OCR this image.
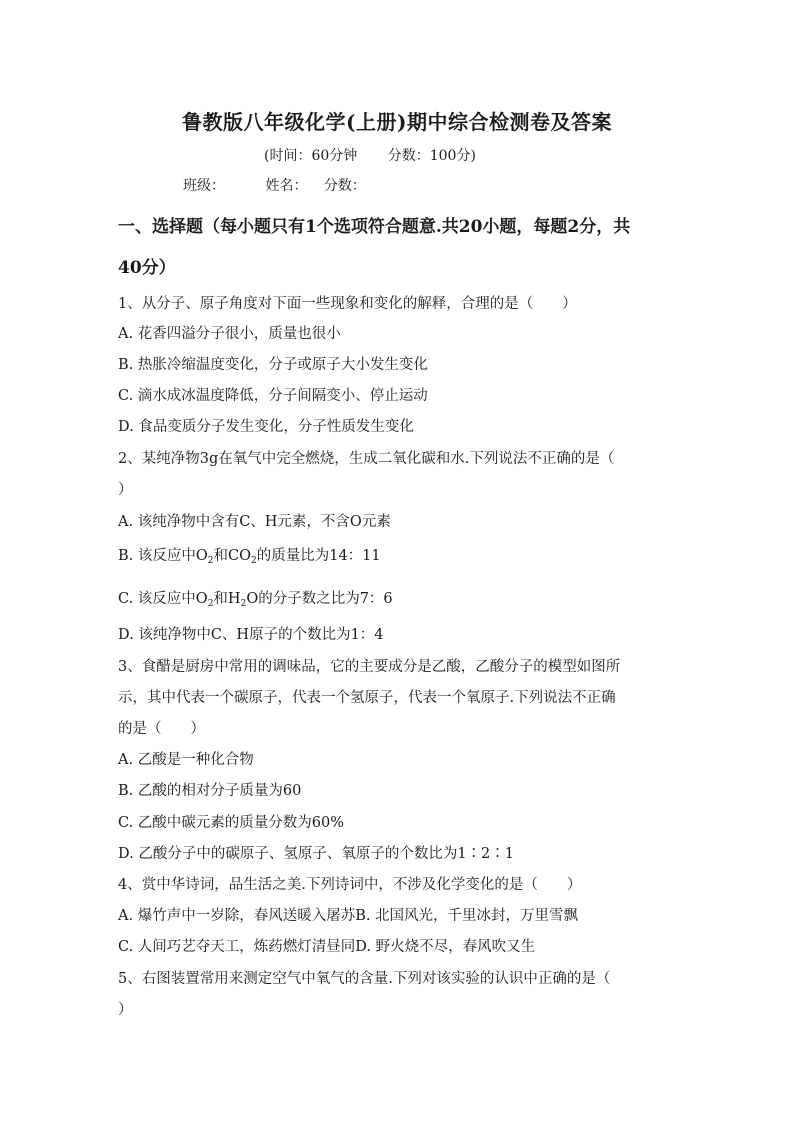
鲁教版八年级化学(上册)期中综合检测卷及答案
(时间：60分钟 分数：100分)
班级：	姓名： 分数：
一、选择题（每小题只有1个选项符合题意.共20小题，每题2分，共
40分）
1、从分子、原子角度对下面一些现象和变化的解释，合理的是（　　）
A. 花香四溢分子很小，质量也很小
B. 热胀冷缩温度变化，分子或原子大小发生变化
C. 滴水成冰温度降低，分子间隔变小、停止运动
D. 食品变质分子发生变化，分子性质发生变化
2、某纯净物3g在氧气中完全燃烧，生成二氧化碳和水.下列说法不正确的是（
）
A. 该纯净物中含有C、H元素，不含O元素
B. 该反应中$O_2$和$CO_2$的质量比为14：11
C. 该反应中$O_2$和$H_2O$的分子数之比为7：6
D. 该纯净物中C、H原子的个数比为1：4
3、食醋是厨房中常用的调味品，它的主要成分是乙酸，乙酸分子的模型如图所
示，其中代表一个碳原子，代表一个氢原子，代表一个氧原子.下列说法不正确
的是（　　）
A. 乙酸是一种化合物
B. 乙酸的相对分子质量为60
C. 乙酸中碳元素的质量分数为60%
D. 乙酸分子中的碳原子、氢原子、氧原子的个数比为1∶2∶1
4、赏中华诗词，品生活之美.下列诗词中，不涉及化学变化的是（　　）
A. 爆竹声中一岁除，春风送暖入屠苏B. 北国风光，千里冰封，万里雪飘
C. 人间巧艺夺天工，炼药燃灯清昼同D. 野火烧不尽，春风吹又生
5、右图装置常用来测定空气中氧气的含量.下列对该实验的认识中正确的是（
）
